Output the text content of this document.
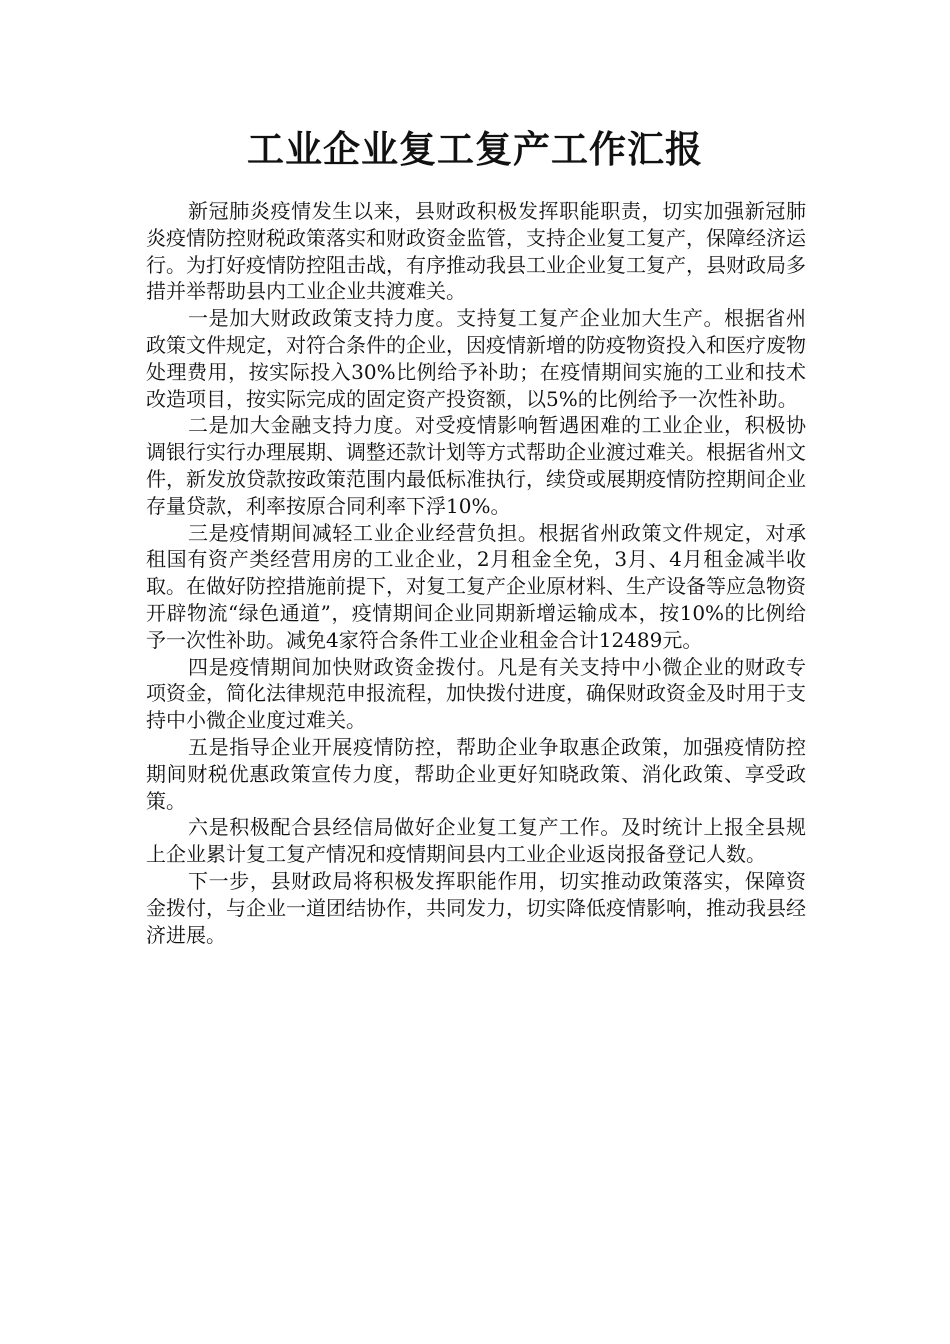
工业企业复工复产工作汇报

新冠肺炎疫情发生以来，县财政积极发挥职能职责，切实加强新冠肺炎疫情防控财税政策落实和财政资金监管，支持企业复工复产，保障经济运行。为打好疫情防控阻击战，有序推动我县工业企业复工复产，县财政局多措并举帮助县内工业企业共渡难关。

一是加大财政政策支持力度。支持复工复产企业加大生产。根据省州政策文件规定，对符合条件的企业，因疫情新增的防疫物资投入和医疗废物处理费用，按实际投入30%比例给予补助；在疫情期间实施的工业和技术改造项目，按实际完成的固定资产投资额，以5%的比例给予一次性补助。

二是加大金融支持力度。对受疫情影响暂遇困难的工业企业，积极协调银行实行办理展期、调整还款计划等方式帮助企业渡过难关。根据省州文件，新发放贷款按政策范围内最低标准执行，续贷或展期疫情防控期间企业存量贷款，利率按原合同利率下浮10%。

三是疫情期间减轻工业企业经营负担。根据省州政策文件规定，对承租国有资产类经营用房的工业企业，2月租金全免，3月、4月租金减半收取。在做好防控措施前提下，对复工复产企业原材料、生产设备等应急物资开辟物流“绿色通道”，疫情期间企业同期新增运输成本，按10%的比例给予一次性补助。减免4家符合条件工业企业租金合计12489元。

四是疫情期间加快财政资金拨付。凡是有关支持中小微企业的财政专项资金，简化法律规范申报流程，加快拨付进度，确保财政资金及时用于支持中小微企业度过难关。

五是指导企业开展疫情防控，帮助企业争取惠企政策，加强疫情防控期间财税优惠政策宣传力度，帮助企业更好知晓政策、消化政策、享受政策。

六是积极配合县经信局做好企业复工复产工作。及时统计上报全县规上企业累计复工复产情况和疫情期间县内工业企业返岗报备登记人数。

下一步，县财政局将积极发挥职能作用，切实推动政策落实，保障资金拨付，与企业一道团结协作，共同发力，切实降低疫情影响，推动我县经济进展。
